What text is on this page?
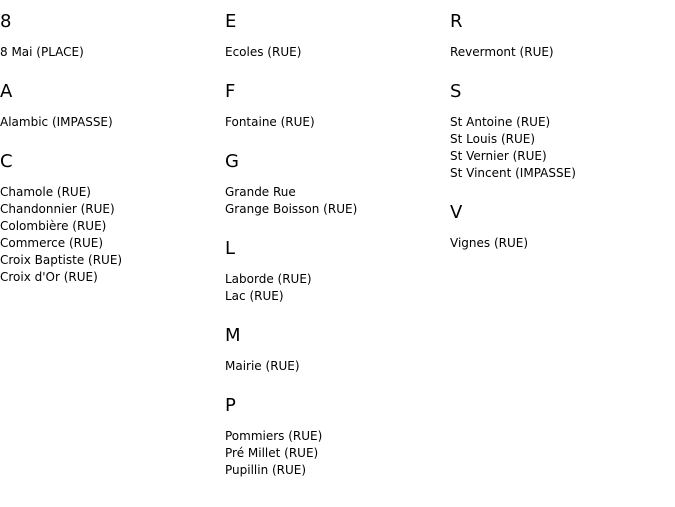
8
8 Mai (PLACE)
A
Alambic (IMPASSE)
C
Chamole (RUE)
Chandonnier (RUE)
Colombière (RUE)
Commerce (RUE)
Croix Baptiste (RUE)
Croix d'Or (RUE)
E
Ecoles (RUE)
F
Fontaine (RUE)
G
Grande Rue
Grange Boisson (RUE)
L
Laborde (RUE)
Lac (RUE)
M
Mairie (RUE)
P
Pommiers (RUE)
Pré Millet (RUE)
Pupillin (RUE)
R
Revermont (RUE)
S
St Antoine (RUE)
St Louis (RUE)
St Vernier (RUE)
St Vincent (IMPASSE)
V
Vignes (RUE)
